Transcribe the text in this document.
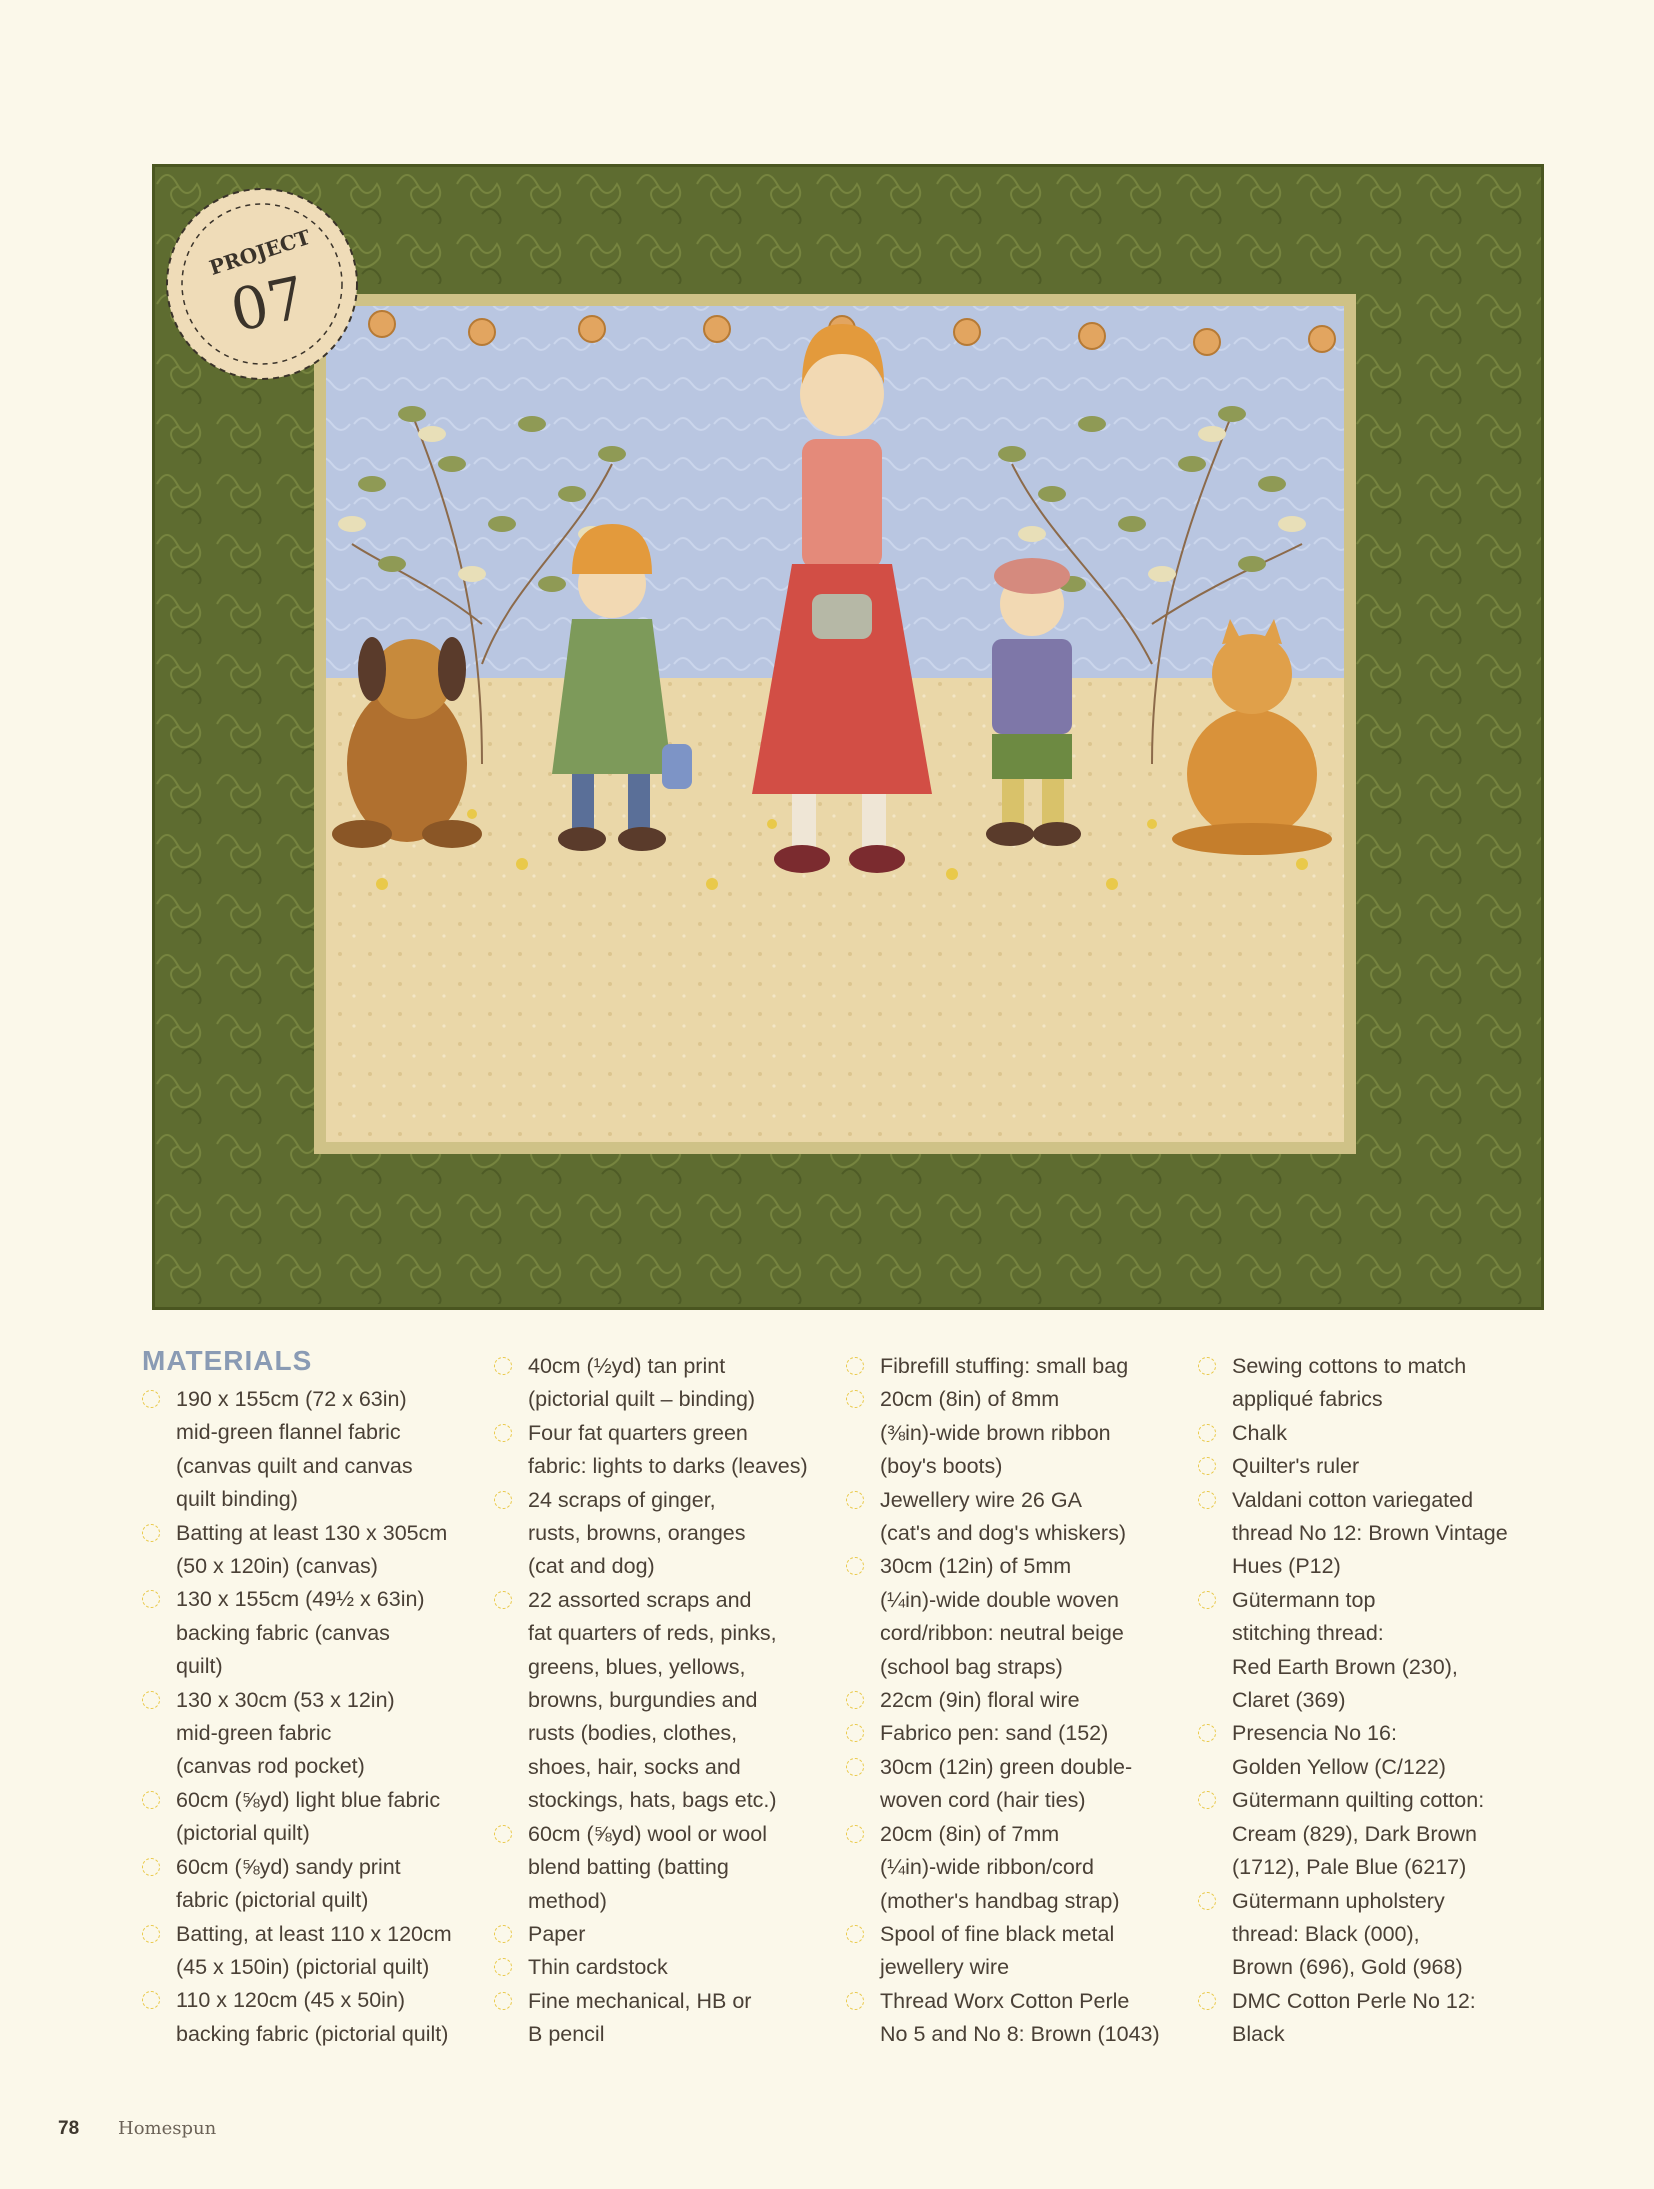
PROJECT
07
MATERIALS
190 x 155cm (72 x 63in)
mid-green flannel fabric
(canvas quilt and canvas
quilt binding)
Batting at least 130 x 305cm
(50 x 120in) (canvas)
130 x 155cm (49½ x 63in)
backing fabric (canvas
quilt)
130 x 30cm (53 x 12in)
mid-green fabric
(canvas rod pocket)
60cm (⅝yd) light blue fabric
(pictorial quilt)
60cm (⅝yd) sandy print
fabric (pictorial quilt)
Batting, at least 110 x 120cm
(45 x 150in) (pictorial quilt)
110 x 120cm (45 x 50in)
backing fabric (pictorial quilt)
40cm (½yd) tan print
(pictorial quilt – binding)
Four fat quarters green
fabric: lights to darks (leaves)
24 scraps of ginger,
rusts, browns, oranges
(cat and dog)
22 assorted scraps and
fat quarters of reds, pinks,
greens, blues, yellows,
browns, burgundies and
rusts (bodies, clothes,
shoes, hair, socks and
stockings, hats, bags etc.)
60cm (⅝yd) wool or wool
blend batting (batting
method)
Paper
Thin cardstock
Fine mechanical, HB or
B pencil
Fibrefill stuffing: small bag
20cm (8in) of 8mm
(⅜in)-wide brown ribbon
(boy's boots)
Jewellery wire 26 GA
(cat's and dog's whiskers)
30cm (12in) of 5mm
(¼in)-wide double woven
cord/ribbon: neutral beige
(school bag straps)
22cm (9in) floral wire
Fabrico pen: sand (152)
30cm (12in) green double-
woven cord (hair ties)
20cm (8in) of 7mm
(¼in)-wide ribbon/cord
(mother's handbag strap)
Spool of fine black metal
jewellery wire
Thread Worx Cotton Perle
No 5 and No 8: Brown (1043)
Sewing cottons to match
appliqué fabrics
Chalk
Quilter's ruler
Valdani cotton variegated
thread No 12: Brown Vintage
Hues (P12)
Gütermann top
stitching thread:
Red Earth Brown (230),
Claret (369)
Presencia No 16:
Golden Yellow (C/122)
Gütermann quilting cotton:
Cream (829), Dark Brown
(1712), Pale Blue (6217)
Gütermann upholstery
thread: Black (000),
Brown (696), Gold (968)
DMC Cotton Perle No 12:
Black
78 Homespun
